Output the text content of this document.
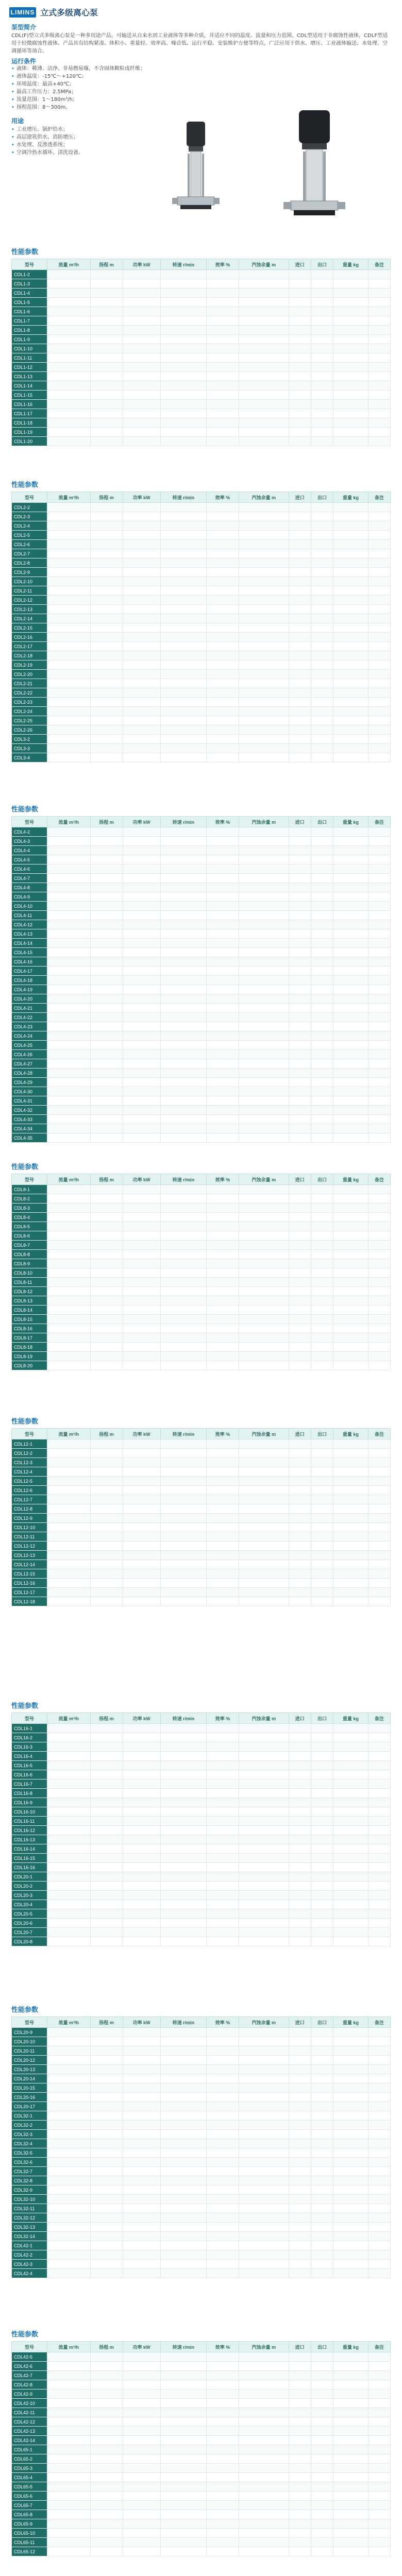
LIMINS 立式多级离心泵
泵型简介
CDL(F)型立式多级离心泵是一种多用途产品，可输送从自来水到工业液体等多种介质，并适应不同的温度、流量和压力范围。CDL型适用于非腐蚀性液体，CDLF型适用于轻微腐蚀性液体。产品具有结构紧凑、体积小、重量轻、效率高、噪音低、运行平稳、安装维护方便等特点，广泛应用于供水、增压、工业液体输送、水处理、空调循环等场合。
运行条件
• 液体：稀薄、洁净、非易燃易爆，不含固体颗粒或纤维；
• 液体温度：-15℃～+120℃；
• 环境温度：最高+40℃；
• 最高工作压力：2.5MPa；
• 流量范围：1～180m³/h；
• 扬程范围：8～300m。
用途
• 工业增压、锅炉给水；
• 高层建筑供水、消防增压；
• 水处理、反渗透系统；
• 空调冷热水循环、清洗设备。
性能参数
型号	流量 m³/h	扬程 m	功率 kW	转速 r/min	效率 %	汽蚀余量 m	进口	出口	重量 kg	备注
CDL1-2										
CDL1-3										
CDL1-4										
CDL1-5										
CDL1-6										
CDL1-7										
CDL1-8										
CDL1-9										
CDL1-10										
CDL1-11										
CDL1-12										
CDL1-13										
CDL1-14										
CDL1-15										
CDL1-16										
CDL1-17										
CDL1-18										
CDL1-19										
CDL1-20										
性能参数
型号	流量 m³/h	扬程 m	功率 kW	转速 r/min	效率 %	汽蚀余量 m	进口	出口	重量 kg	备注
CDL2-2										
CDL2-3										
CDL2-4										
CDL2-5										
CDL2-6										
CDL2-7										
CDL2-8										
CDL2-9										
CDL2-10										
CDL2-11										
CDL2-12										
CDL2-13										
CDL2-14										
CDL2-15										
CDL2-16										
CDL2-17										
CDL2-18										
CDL2-19										
CDL2-20										
CDL2-21										
CDL2-22										
CDL2-23										
CDL2-24										
CDL2-25										
CDL2-26										
CDL3-2										
CDL3-3										
CDL3-4										
性能参数
型号	流量 m³/h	扬程 m	功率 kW	转速 r/min	效率 %	汽蚀余量 m	进口	出口	重量 kg	备注
CDL4-2										
CDL4-3										
CDL4-4										
CDL4-5										
CDL4-6										
CDL4-7										
CDL4-8										
CDL4-9										
CDL4-10										
CDL4-11										
CDL4-12										
CDL4-13										
CDL4-14										
CDL4-15										
CDL4-16										
CDL4-17										
CDL4-18										
CDL4-19										
CDL4-20										
CDL4-21										
CDL4-22										
CDL4-23										
CDL4-24										
CDL4-25										
CDL4-26										
CDL4-27										
CDL4-28										
CDL4-29										
CDL4-30										
CDL4-31										
CDL4-32										
CDL4-33										
CDL4-34										
CDL4-35										
性能参数
型号	流量 m³/h	扬程 m	功率 kW	转速 r/min	效率 %	汽蚀余量 m	进口	出口	重量 kg	备注
CDL8-1										
CDL8-2										
CDL8-3										
CDL8-4										
CDL8-5										
CDL8-6										
CDL8-7										
CDL8-8										
CDL8-9										
CDL8-10										
CDL8-11										
CDL8-12										
CDL8-13										
CDL8-14										
CDL8-15										
CDL8-16										
CDL8-17										
CDL8-18										
CDL8-19										
CDL8-20										
性能参数
型号	流量 m³/h	扬程 m	功率 kW	转速 r/min	效率 %	汽蚀余量 m	进口	出口	重量 kg	备注
CDL12-1										
CDL12-2										
CDL12-3										
CDL12-4										
CDL12-5										
CDL12-6										
CDL12-7										
CDL12-8										
CDL12-9										
CDL12-10										
CDL12-11										
CDL12-12										
CDL12-13										
CDL12-14										
CDL12-15										
CDL12-16										
CDL12-17										
CDL12-18										
性能参数
型号	流量 m³/h	扬程 m	功率 kW	转速 r/min	效率 %	汽蚀余量 m	进口	出口	重量 kg	备注
CDL16-1										
CDL16-2										
CDL16-3										
CDL16-4										
CDL16-5										
CDL16-6										
CDL16-7										
CDL16-8										
CDL16-9										
CDL16-10										
CDL16-11										
CDL16-12										
CDL16-13										
CDL16-14										
CDL16-15										
CDL16-16										
CDL20-1										
CDL20-2										
CDL20-3										
CDL20-4										
CDL20-5										
CDL20-6										
CDL20-7										
CDL20-8										
性能参数
型号	流量 m³/h	扬程 m	功率 kW	转速 r/min	效率 %	汽蚀余量 m	进口	出口	重量 kg	备注
CDL20-9										
CDL20-10										
CDL20-11										
CDL20-12										
CDL20-13										
CDL20-14										
CDL20-15										
CDL20-16										
CDL20-17										
CDL32-1										
CDL32-2										
CDL32-3										
CDL32-4										
CDL32-5										
CDL32-6										
CDL32-7										
CDL32-8										
CDL32-9										
CDL32-10										
CDL32-11										
CDL32-12										
CDL32-13										
CDL32-14										
CDL42-1										
CDL42-2										
CDL42-3										
CDL42-4										
性能参数
型号	流量 m³/h	扬程 m	功率 kW	转速 r/min	效率 %	汽蚀余量 m	进口	出口	重量 kg	备注
CDL42-5										
CDL42-6										
CDL42-7										
CDL42-8										
CDL42-9										
CDL42-10										
CDL42-11										
CDL42-12										
CDL42-13										
CDL42-14										
CDL65-1										
CDL65-2										
CDL65-3										
CDL65-4										
CDL65-5										
CDL65-6										
CDL65-7										
CDL65-8										
CDL65-9										
CDL65-10										
CDL65-11										
CDL65-12										
